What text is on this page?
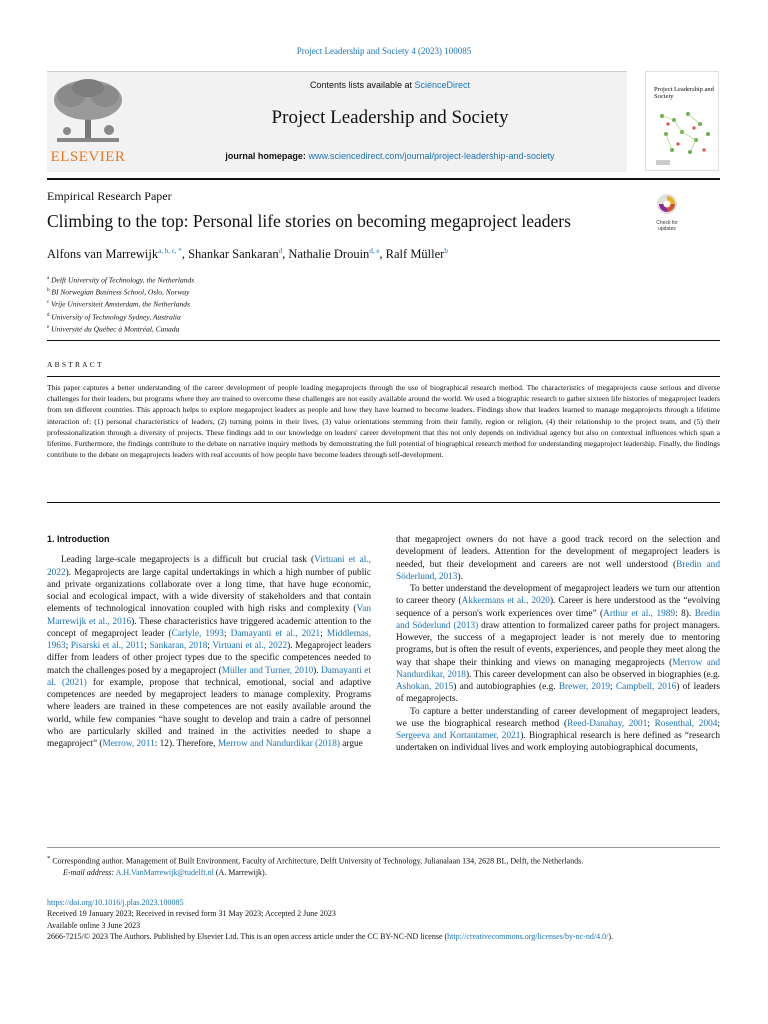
Project Leadership and Society 4 (2023) 100085
ELSEVIER
Contents lists available at ScienceDirect
Project Leadership and Society
journal homepage: www.sciencedirect.com/journal/project-leadership-and-society
Project Leadership and Society
Empirical Research Paper
Climbing to the top: Personal life stories on becoming megaproject leaders	Check for
updates
Alfons van Marrewijk$^{a, b, c, *}$, Shankar Sankaran$^d$, Nathalie Drouin$^{d, e}$, Ralf Müller$^b$
$^a$ Delft University of Technology, the Netherlands
$^b$ BI Norwegian Business School, Oslo, Norway
$^c$ Vrije Universiteit Amsterdam, the Netherlands
$^d$ University of Technology Sydney, Australia
$^e$ Université du Québec à Montréal, Canada
ABSTRACT

This paper captures a better understanding of the career development of people leading megaprojects through the use of biographical research method. The characteristics of megaprojects cause serious and diverse challenges for their leaders, but programs where they are trained to overcome these challenges are not easily available around the world. We used a biographic research to gather sixteen life histories of megaproject leaders from ten different countries. This approach helps to explore megaproject leaders as people and how they have learned to become leaders. Findings show that leaders learned to manage megaprojects through a lifetime interaction of: (1) personal characteristics of leaders, (2) turning points in their lives, (3) value orientations stemming from their family, region or religion, (4) their relationship to the project team, and (5) their professionalization through a diversity of projects. These findings add to our knowledge on leaders' career development that this not only depends on individual agency but also on contextual influences which span a lifetime. Furthermore, the findings contribute to the debate on narrative inquiry methods by demonstrating the full potential of biographical research method for understanding megaproject leadership. Finally, the findings contribute to the debate on megaprojects leaders with real accounts of how people have become leaders through self-development.

1. Introduction

Leading large-scale megaprojects is a difficult but crucial task (Virtuani et al., 2022). Megaprojects are large capital undertakings in which a high number of public and private organizations collaborate over a long time, that have huge economic, social and ecological impact, with a wide diversity of stakeholders and that contain elements of technological innovation coupled with high risks and complexity (Van Marrewijk et al., 2016). These characteristics have triggered academic attention to the concept of megaproject leader (Carlyle, 1993; Damayanti et al., 2021; Middlemas, 1963; Pisarski et al., 2011; Sankaran, 2018; Virtuani et al., 2022). Megaproject leaders differ from leaders of other project types due to the specific competences needed to match the challenges posed by a megaproject (Müller and Turner, 2010). Damayanti et al. (2021) for example, propose that technical, emotional, social and adaptive competences are needed by megaproject leaders to manage complexity. Programs where leaders are trained in these competences are not easily available around the world, while few companies “have sought to develop and train a cadre of personnel who are particularly skilled and trained in the activities needed to shape a megaproject” (Merrow, 2011: 12). Therefore, Merrow and Nandurdikar (2018) argue

that megaproject owners do not have a good track record on the selection and development of leaders. Attention for the development of megaproject leaders is needed, but their development and careers are not well understood (Bredin and Söderlund, 2013).

To better understand the development of megaproject leaders we turn our attention to career theory (Akkermans et al., 2020). Career is here understood as the “evolving sequence of a person's work experiences over time” (Arthur et al., 1989: 8). Bredin and Söderlund (2013) draw attention to formalized career paths for project managers. However, the success of a megaproject leader is not merely due to mentoring programs, but is often the result of events, experiences, and people they meet along the way that shape their thinking and views on managing megaprojects (Merrow and Nandurdikar, 2018). This career development can also be observed in biographies (e.g. Ashokan, 2015) and autobiographies (e.g. Brewer, 2019; Campbell, 2016) of leaders of megaprojects.

To capture a better understanding of career development of megaproject leaders, we use the biographical research method (Reed-Danahay, 2001; Rosenthal, 2004; Sergeeva and Kortantamer, 2021). Biographical research is here defined as “research undertaken on individual lives and work employing autobiographical documents,

* Corresponding author. Management of Built Environment, Faculty of Architecture, Delft University of Technology, Julianalaan 134, 2628 BL, Delft, the Netherlands.
E-mail address: A.H.VanMarrewijk@tudelft.nl (A. Marrewijk).
https://doi.org/10.1016/j.plas.2023.100085
Received 19 January 2023; Received in revised form 31 May 2023; Accepted 2 June 2023
Available online 3 June 2023
2666-7215/© 2023 The Authors. Published by Elsevier Ltd. This is an open access article under the CC BY-NC-ND license (http://creativecommons.org/licenses/by-nc-nd/4.0/).
